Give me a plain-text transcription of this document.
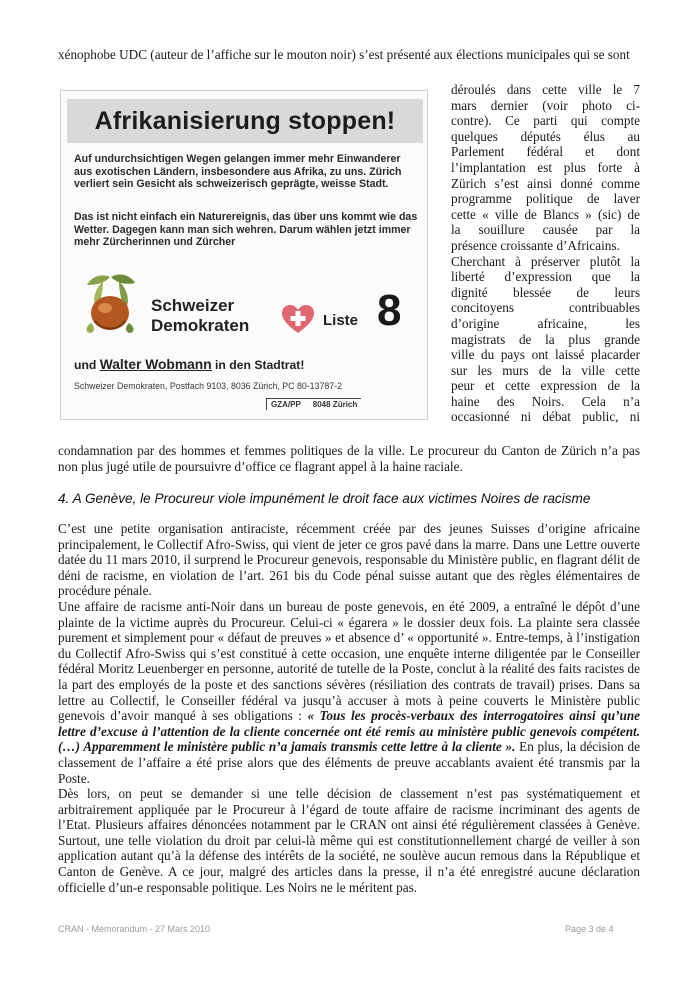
xénophobe UDC (auteur de l’affiche sur le mouton noir) s’est présenté aux élections municipales qui se sont
Afrikanisierung stoppen!
Auf undurchsichtigen Wegen gelangen immer mehr Einwanderer aus exotischen Ländern, insbesondere aus Afrika, zu uns. Zürich verliert sein Gesicht als schweizerisch geprägte, weisse Stadt.
Das ist nicht einfach ein Naturereignis, das über uns kommt wie das Wetter. Dagegen kann man sich wehren. Darum wählen jetzt immer mehr Zürcherinnen und Zürcher
Schweizer
Demokraten	Liste 8
und Walter Wobmann in den Stadtrat!
Schweizer Demokraten, Postfach 9103, 8036 Zürich, PC 80-13787-2
GZA/PP 8048 Zürich

déroulés dans cette ville le 7

mars dernier (voir photo ci-

contre). Ce parti qui compte

quelques députés élus au

Parlement fédéral et dont

l’implantation est plus forte à

Zürich s’est ainsi donné comme

programme politique de laver

cette « ville de Blancs » (sic) de

la souillure causée par la

présence croissante d’Africains.

Cherchant à préserver plutôt la

liberté d’expression que la

dignité blessée de leurs

concitoyens contribuables

d’origine africaine, les

magistrats de la plus grande

ville du pays ont laissé placarder

sur les murs de la ville cette

peur et cette expression de la

haine des Noirs. Cela n’a

occasionné ni débat public, ni

condamnation par des hommes et femmes politiques de la ville. Le procureur du Canton de Zürich n’a pas non plus jugé utile de poursuivre d’office ce flagrant appel à la haine raciale.
4. A Genève, le Procureur viole impunément le droit face aux victimes Noires de racisme

C’est une petite organisation antiraciste, récemment créée par des jeunes Suisses d’origine africaine principalement, le Collectif Afro-Swiss, qui vient de jeter ce gros pavé dans la marre. Dans une Lettre ouverte datée du 11 mars 2010, il surprend le Procureur genevois, responsable du Ministère public, en flagrant délit de déni de racisme, en violation de l’art. 261 bis du Code pénal suisse autant que des règles élémentaires de procédure pénale.

Une affaire de racisme anti-Noir dans un bureau de poste genevois, en été 2009, a entraîné le dépôt d’une plainte de la victime auprès du Procureur. Celui-ci « égarera » le dossier deux fois. La plainte sera classée purement et simplement pour « défaut de preuves » et absence d’ « opportunité ». Entre-temps, à l’instigation du Collectif Afro-Swiss qui s’est constitué à cette occasion, une enquête interne diligentée par le Conseiller fédéral Moritz Leuenberger en personne, autorité de tutelle de la Poste, conclut à la réalité des faits racistes de la part des employés de la poste et des sanctions sévères (résiliation des contrats de travail) prises. Dans sa lettre au Collectif, le Conseiller fédéral va jusqu’à accuser à mots à peine couverts le Ministère public genevois d’avoir manqué à ses obligations : « Tous les procès-verbaux des interrogatoires ainsi qu’une lettre d’excuse à l’attention de la cliente concernée ont été remis au ministère public genevois compétent. (…) Apparemment le ministère public n’a jamais transmis cette lettre à la cliente ». En plus, la décision de classement de l’affaire a été prise alors que des éléments de preuve accablants avaient été transmis par la Poste.

Dès lors, on peut se demander si une telle décision de classement n’est pas systématiquement et arbitrairement appliquée par le Procureur à l’égard de toute affaire de racisme incriminant des agents de l’Etat. Plusieurs affaires dénoncées notamment par le CRAN ont ainsi été régulièrement classées à Genève. Surtout, une telle violation du droit par celui-là même qui est constitutionnellement chargé de veiller à son application autant qu’à la défense des intérêts de la société, ne soulève aucun remous dans la République et Canton de Genève. A ce jour, malgré des articles dans la presse, il n’a été enregistré aucune déclaration officielle d’un-e responsable politique. Les Noirs ne le méritent pas.

CRAN - Mémorandum - 27 Mars 2010	Page 3 de 4
